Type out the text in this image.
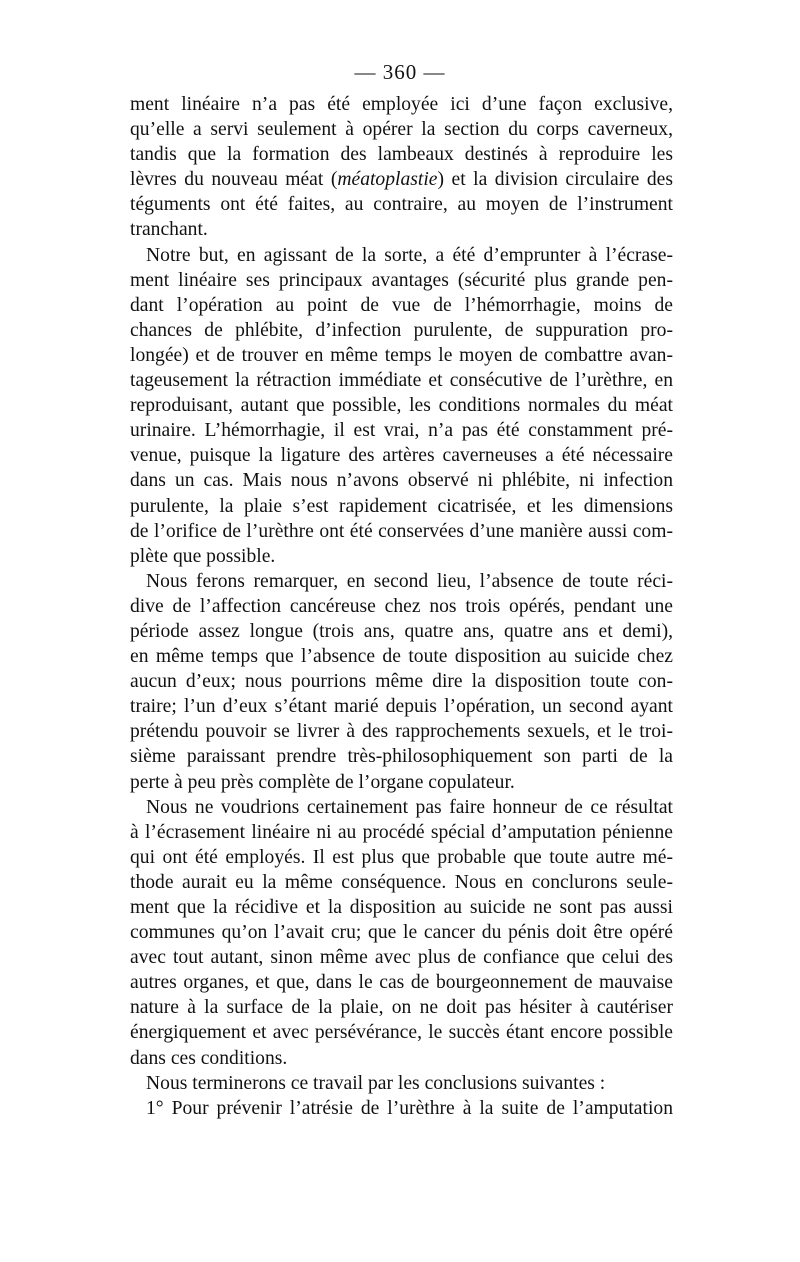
— 360 —
ment linéaire n’a pas été employée ici d’une façon exclusive,
qu’elle a servi seulement à opérer la section du corps caverneux,
tandis que la formation des lambeaux destinés à reproduire les
lèvres du nouveau méat (méatoplastie) et la division circulaire des
téguments ont été faites, au contraire, au moyen de l’instrument
tranchant.
Notre but, en agissant de la sorte, a été d’emprunter à l’écrase-
ment linéaire ses principaux avantages (sécurité plus grande pen-
dant l’opération au point de vue de l’hémorrhagie, moins de
chances de phlébite, d’infection purulente, de suppuration pro-
longée) et de trouver en même temps le moyen de combattre avan-
tageusement la rétraction immédiate et consécutive de l’urèthre, en
reproduisant, autant que possible, les conditions normales du méat
urinaire. L’hémorrhagie, il est vrai, n’a pas été constamment pré-
venue, puisque la ligature des artères caverneuses a été nécessaire
dans un cas. Mais nous n’avons observé ni phlébite, ni infection
purulente, la plaie s’est rapidement cicatrisée, et les dimensions
de l’orifice de l’urèthre ont été conservées d’une manière aussi com-
plète que possible.
Nous ferons remarquer, en second lieu, l’absence de toute réci-
dive de l’affection cancéreuse chez nos trois opérés, pendant une
période assez longue (trois ans, quatre ans, quatre ans et demi),
en même temps que l’absence de toute disposition au suicide chez
aucun d’eux; nous pourrions même dire la disposition toute con-
traire; l’un d’eux s’étant marié depuis l’opération, un second ayant
prétendu pouvoir se livrer à des rapprochements sexuels, et le troi-
sième paraissant prendre très-philosophiquement son parti de la
perte à peu près complète de l’organe copulateur.
Nous ne voudrions certainement pas faire honneur de ce résultat
à l’écrasement linéaire ni au procédé spécial d’amputation pénienne
qui ont été employés. Il est plus que probable que toute autre mé-
thode aurait eu la même conséquence. Nous en conclurons seule-
ment que la récidive et la disposition au suicide ne sont pas aussi
communes qu’on l’avait cru; que le cancer du pénis doit être opéré
avec tout autant, sinon même avec plus de confiance que celui des
autres organes, et que, dans le cas de bourgeonnement de mauvaise
nature à la surface de la plaie, on ne doit pas hésiter à cautériser
énergiquement et avec persévérance, le succès étant encore possible
dans ces conditions.
Nous terminerons ce travail par les conclusions suivantes :
1° Pour prévenir l’atrésie de l’urèthre à la suite de l’amputation
